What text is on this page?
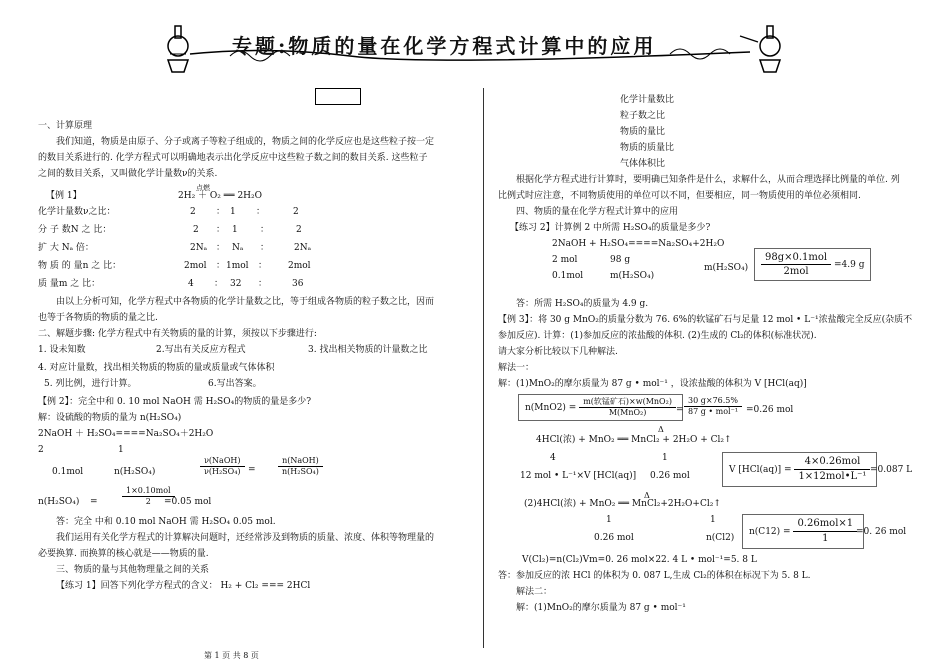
专题:物质的量在化学方程式计算中的应用
一、计算原理
我们知道，物质是由原子、分子或离子等粒子组成的，物质之间的化学反应也是这些粒子按一定
的数目关系进行的. 化学方程式可以明确地表示出化学反应中这些粒子数之间的数目关系. 这些粒子
之间的数目关系，又叫做化学计量数ν的关系.
【例 1】
点燃
2H₂ ＋ O₂ ══ 2H₂O
化学计量数ν之比：	2 ： 1 ：	2
分 子 数N 之 比：	2 ： 1 ：	2
扩 大 Nₐ 倍：	2Nₐ ： Nₐ ：	2Nₐ
物 质 的 量n 之 比：	2mol ： 1mol ： 2mol
质 量m 之 比：	4 ： 32 ：	36
由以上分析可知，化学方程式中各物质的化学计量数之比，等于组成各物质的粒子数之比，因而
也等于各物质的物质的量之比.
二、解题步骤: 化学方程式中有关物质的量的计算，须按以下步骤进行:
1. 设未知数	2.写出有关反应方程式	3. 找出相关物质的计量数之比
4. 对应计量数，找出相关物质的物质的量或质量或气体体积
5. 列比例，进行计算。	6.写出答案。
【例 2】：完全中和 0. 10 mol NaOH 需 H₂SO₄的物质的量是多少?
解：设硫酸的物质的量为 n(H₂SO₄)
2NaOH ＋ H₂SO₄====Na₂SO₄＋2H₂O
2	1
0.1mol	n(H₂SO₄)
ν(NaOH)
ν(H₂SO₄) =
n(NaOH)
n(H₂SO₄)
n(H₂SO₄) =
1×0.10mol
2	=0.05 mol
答：完全 中和 0.10 mol NaOH 需 H₂SO₄ 0.05 mol.
我们运用有关化学方程式的计算解决问题时，还经常涉及到物质的质量、浓度、体积等物理量的
必要换算. 而换算的核心就是——物质的量.
三、物质的量与其他物理量之间的关系
【练习 1】回答下列化学方程式的含义： H₂ + Cl₂ === 2HCl
化学计量数比
粒子数之比
物质的量比
物质的质量比
气体体积比
根据化学方程式进行计算时，要明确已知条件是什么，求解什么，从而合理选择比例量的单位. 列
比例式时应注意，不同物质使用的单位可以不同，但要相应，同一物质使用的单位必须相同.
四、物质的量在化学方程式计算中的应用
【练习 2】计算例 2 中所需 H₂SO₄的质量是多少?
2NaOH + H₂SO₄====Na₂SO₄+2H₂O
2 mol	98 g
0.1mol	m(H₂SO₄)
$m(H_2SO_4) \frac{\text{98g×0.1mol}}{\text{2mol}} =4.9$ g
答：所需 H₂SO₄的质量为 4.9 g.
【例 3】：将 30 g MnO₂的质量分数为 76. 6%的软锰矿石与足量 12 mol • L⁻¹浓盐酸完全反应(杂质不
参加反应). 计算：(1)参加反应的浓盐酸的体积. (2)生成的 Cl₂的体积(标准状况).
请大家分析比较以下几种解法.
解法一：
解：(1)MnO₂的摩尔质量为 87 g • mol⁻¹ ，设浓盐酸的体积为 V [HCl(aq)]
$n(MnO2) = \frac{\text{m(软锰矿石)×w(MnO₂)}}{\text{M(MnO₂)}}$ =
30 g×76.5%
87 g • mol⁻¹ =0.26 mol
Δ
4HCl(浓) + MnO₂ ══ MnCl₂ + 2H₂O + Cl₂↑
4	1
12 mol • L⁻¹×V [HCl(aq)] 0.26 mol
V $[HCl(aq)] = \frac{\text{4×0.26mol}}{\text{1×12mol•L⁻¹}} =0.087$ L
Δ
(2)4HCl(浓) + MnO₂ ══ MnCl₂+2H₂O+Cl₂↑
1	1
0.26 mol	n(Cl2)
$n(C12) = \frac{\text{0.26mol×1}}{1}$
=0. 26 mol
V(Cl₂)=n(Cl₂)Vm=0. 26 mol×22. 4 L • mol⁻¹=5. 8 L
答：参加反应的浓 HCl 的体积为 0. 087 L,生成 Cl₂的体积在标况下为 5. 8 L.
解法二：
解：(1)MnO₂的摩尔质量为 87 g • mol⁻¹
第 1 页 共 8 页
